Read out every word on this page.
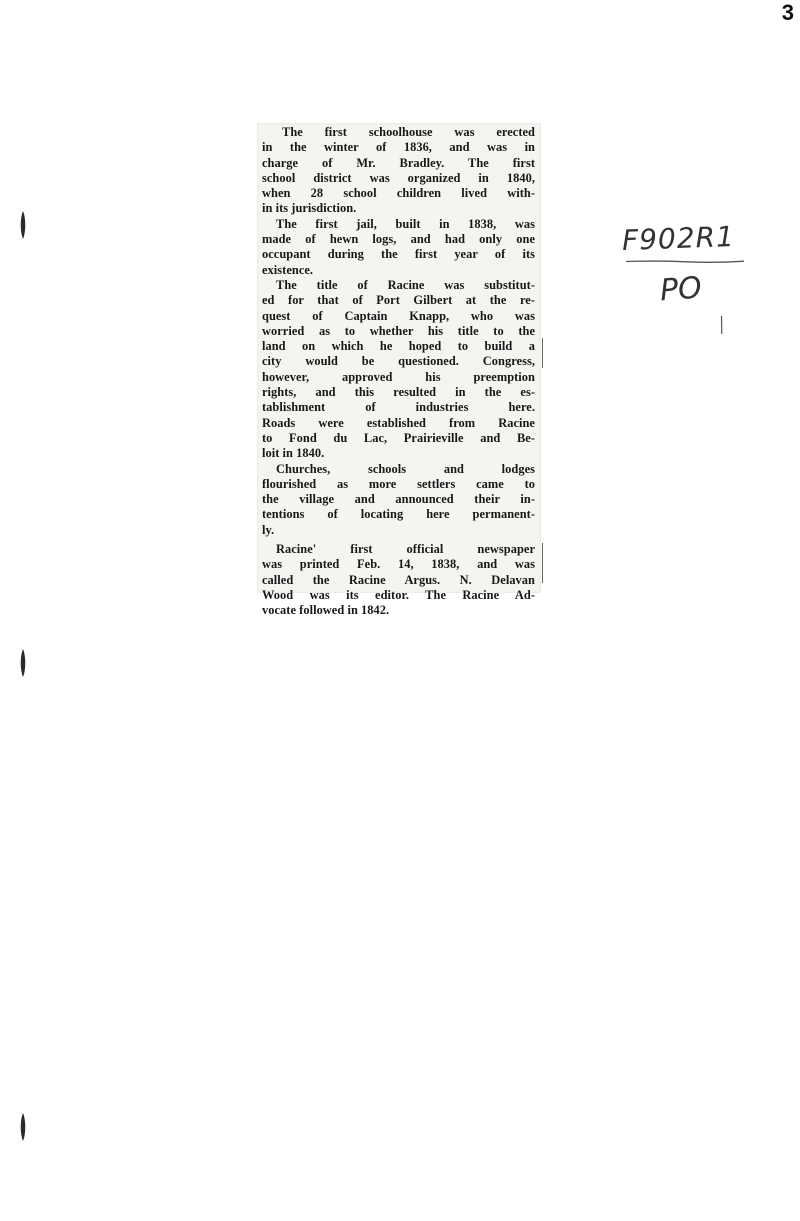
3

The first schoolhouse was erected
in the winter of 1836, and was in
charge of Mr. Bradley. The first
school district was organized in 1840,
when 28 school children lived with-
in its jurisdiction.

The first jail, built in 1838, was
made of hewn logs, and had only one
occupant during the first year of its
existence.

The title of Racine was substitut-
ed for that of Port Gilbert at the re-
quest of Captain Knapp, who was
worried as to whether his title to the
land on which he hoped to build a
city would be questioned. Congress,
however, approved his preemption
rights, and this resulted in the es-
tablishment of industries here.
Roads were established from Racine
to Fond du Lac, Prairieville and Be-
loit in 1840.

Churches, schools and lodges
flourished as more settlers came to
the village and announced their in-
tentions of locating here permanent-
ly.

Racine' first official newspaper
was printed Feb. 14, 1838, and was
called the Racine Argus. N. Delavan
Wood was its editor. The Racine Ad-
vocate followed in 1842.

F902R1
PO
